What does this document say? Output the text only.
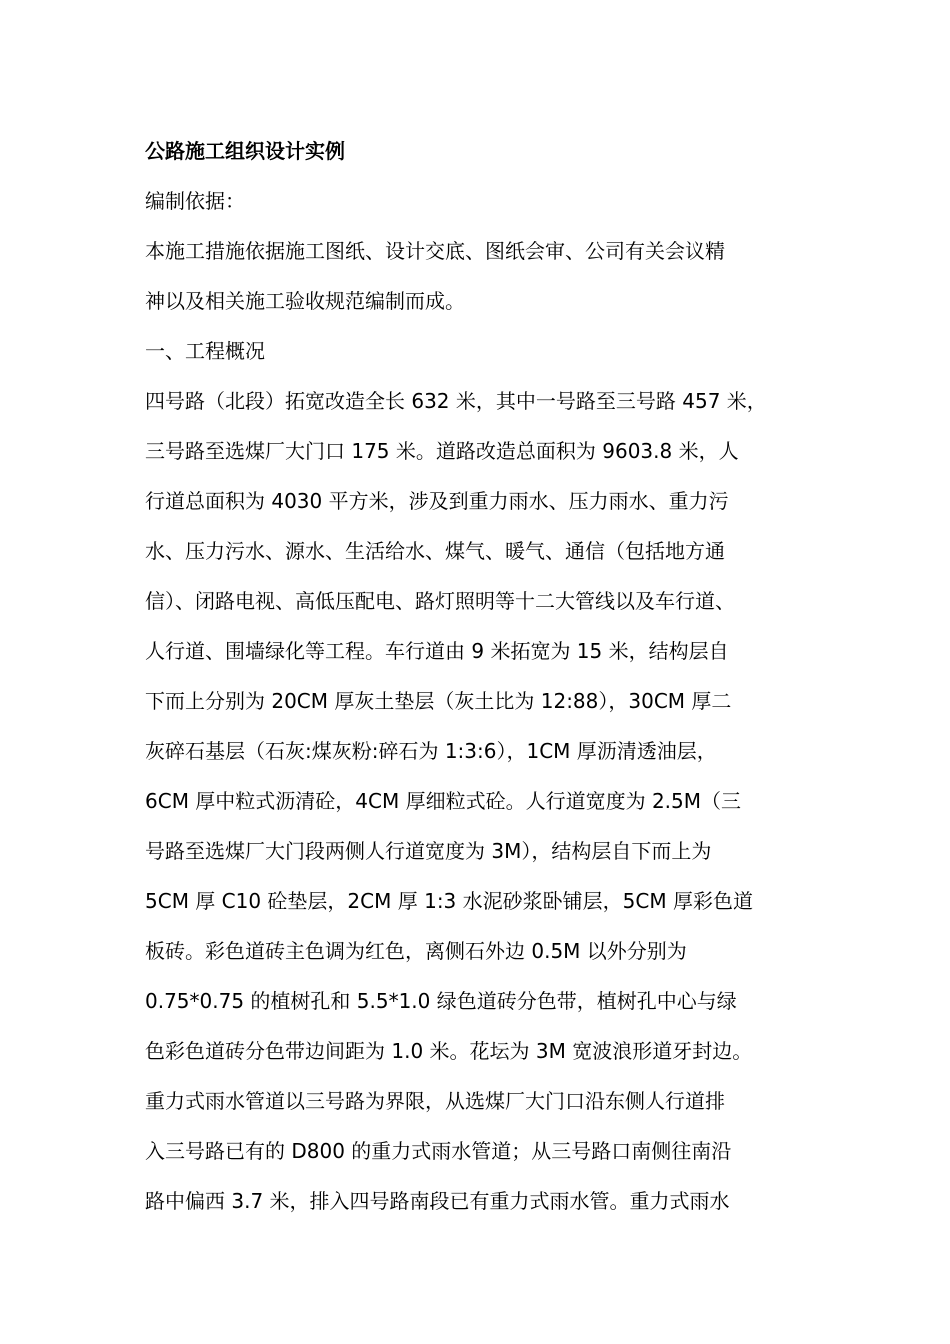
公路施工组织设计实例
编制依据：
本施工措施依据施工图纸、设计交底、图纸会审、公司有关会议精
神以及相关施工验收规范编制而成。
一、工程概况
四号路（北段）拓宽改造全长 632 米，其中一号路至三号路 457 米，
三号路至选煤厂大门口 175 米。道路改造总面积为 9603.8 米，人
行道总面积为 4030 平方米，涉及到重力雨水、压力雨水、重力污
水、压力污水、源水、生活给水、煤气、暖气、通信（包括地方通
信）、闭路电视、高低压配电、路灯照明等十二大管线以及车行道、
人行道、围墙绿化等工程。车行道由 9 米拓宽为 15 米，结构层自
下而上分别为 20CM 厚灰土垫层（灰土比为 12:88），30CM 厚二
灰碎石基层（石灰:煤灰粉:碎石为 1:3:6），1CM 厚沥清透油层，
6CM 厚中粒式沥清砼，4CM 厚细粒式砼。人行道宽度为 2.5M（三
号路至选煤厂大门段两侧人行道宽度为 3M），结构层自下而上为
5CM 厚 C10 砼垫层，2CM 厚 1:3 水泥砂浆卧铺层，5CM 厚彩色道
板砖。彩色道砖主色调为红色，离侧石外边 0.5M 以外分别为
0.75*0.75 的植树孔和 5.5*1.0 绿色道砖分色带，植树孔中心与绿
色彩色道砖分色带边间距为 1.0 米。花坛为 3M 宽波浪形道牙封边。
重力式雨水管道以三号路为界限，从选煤厂大门口沿东侧人行道排
入三号路已有的 D800 的重力式雨水管道；从三号路口南侧往南沿
路中偏西 3.7 米，排入四号路南段已有重力式雨水管。重力式雨水
